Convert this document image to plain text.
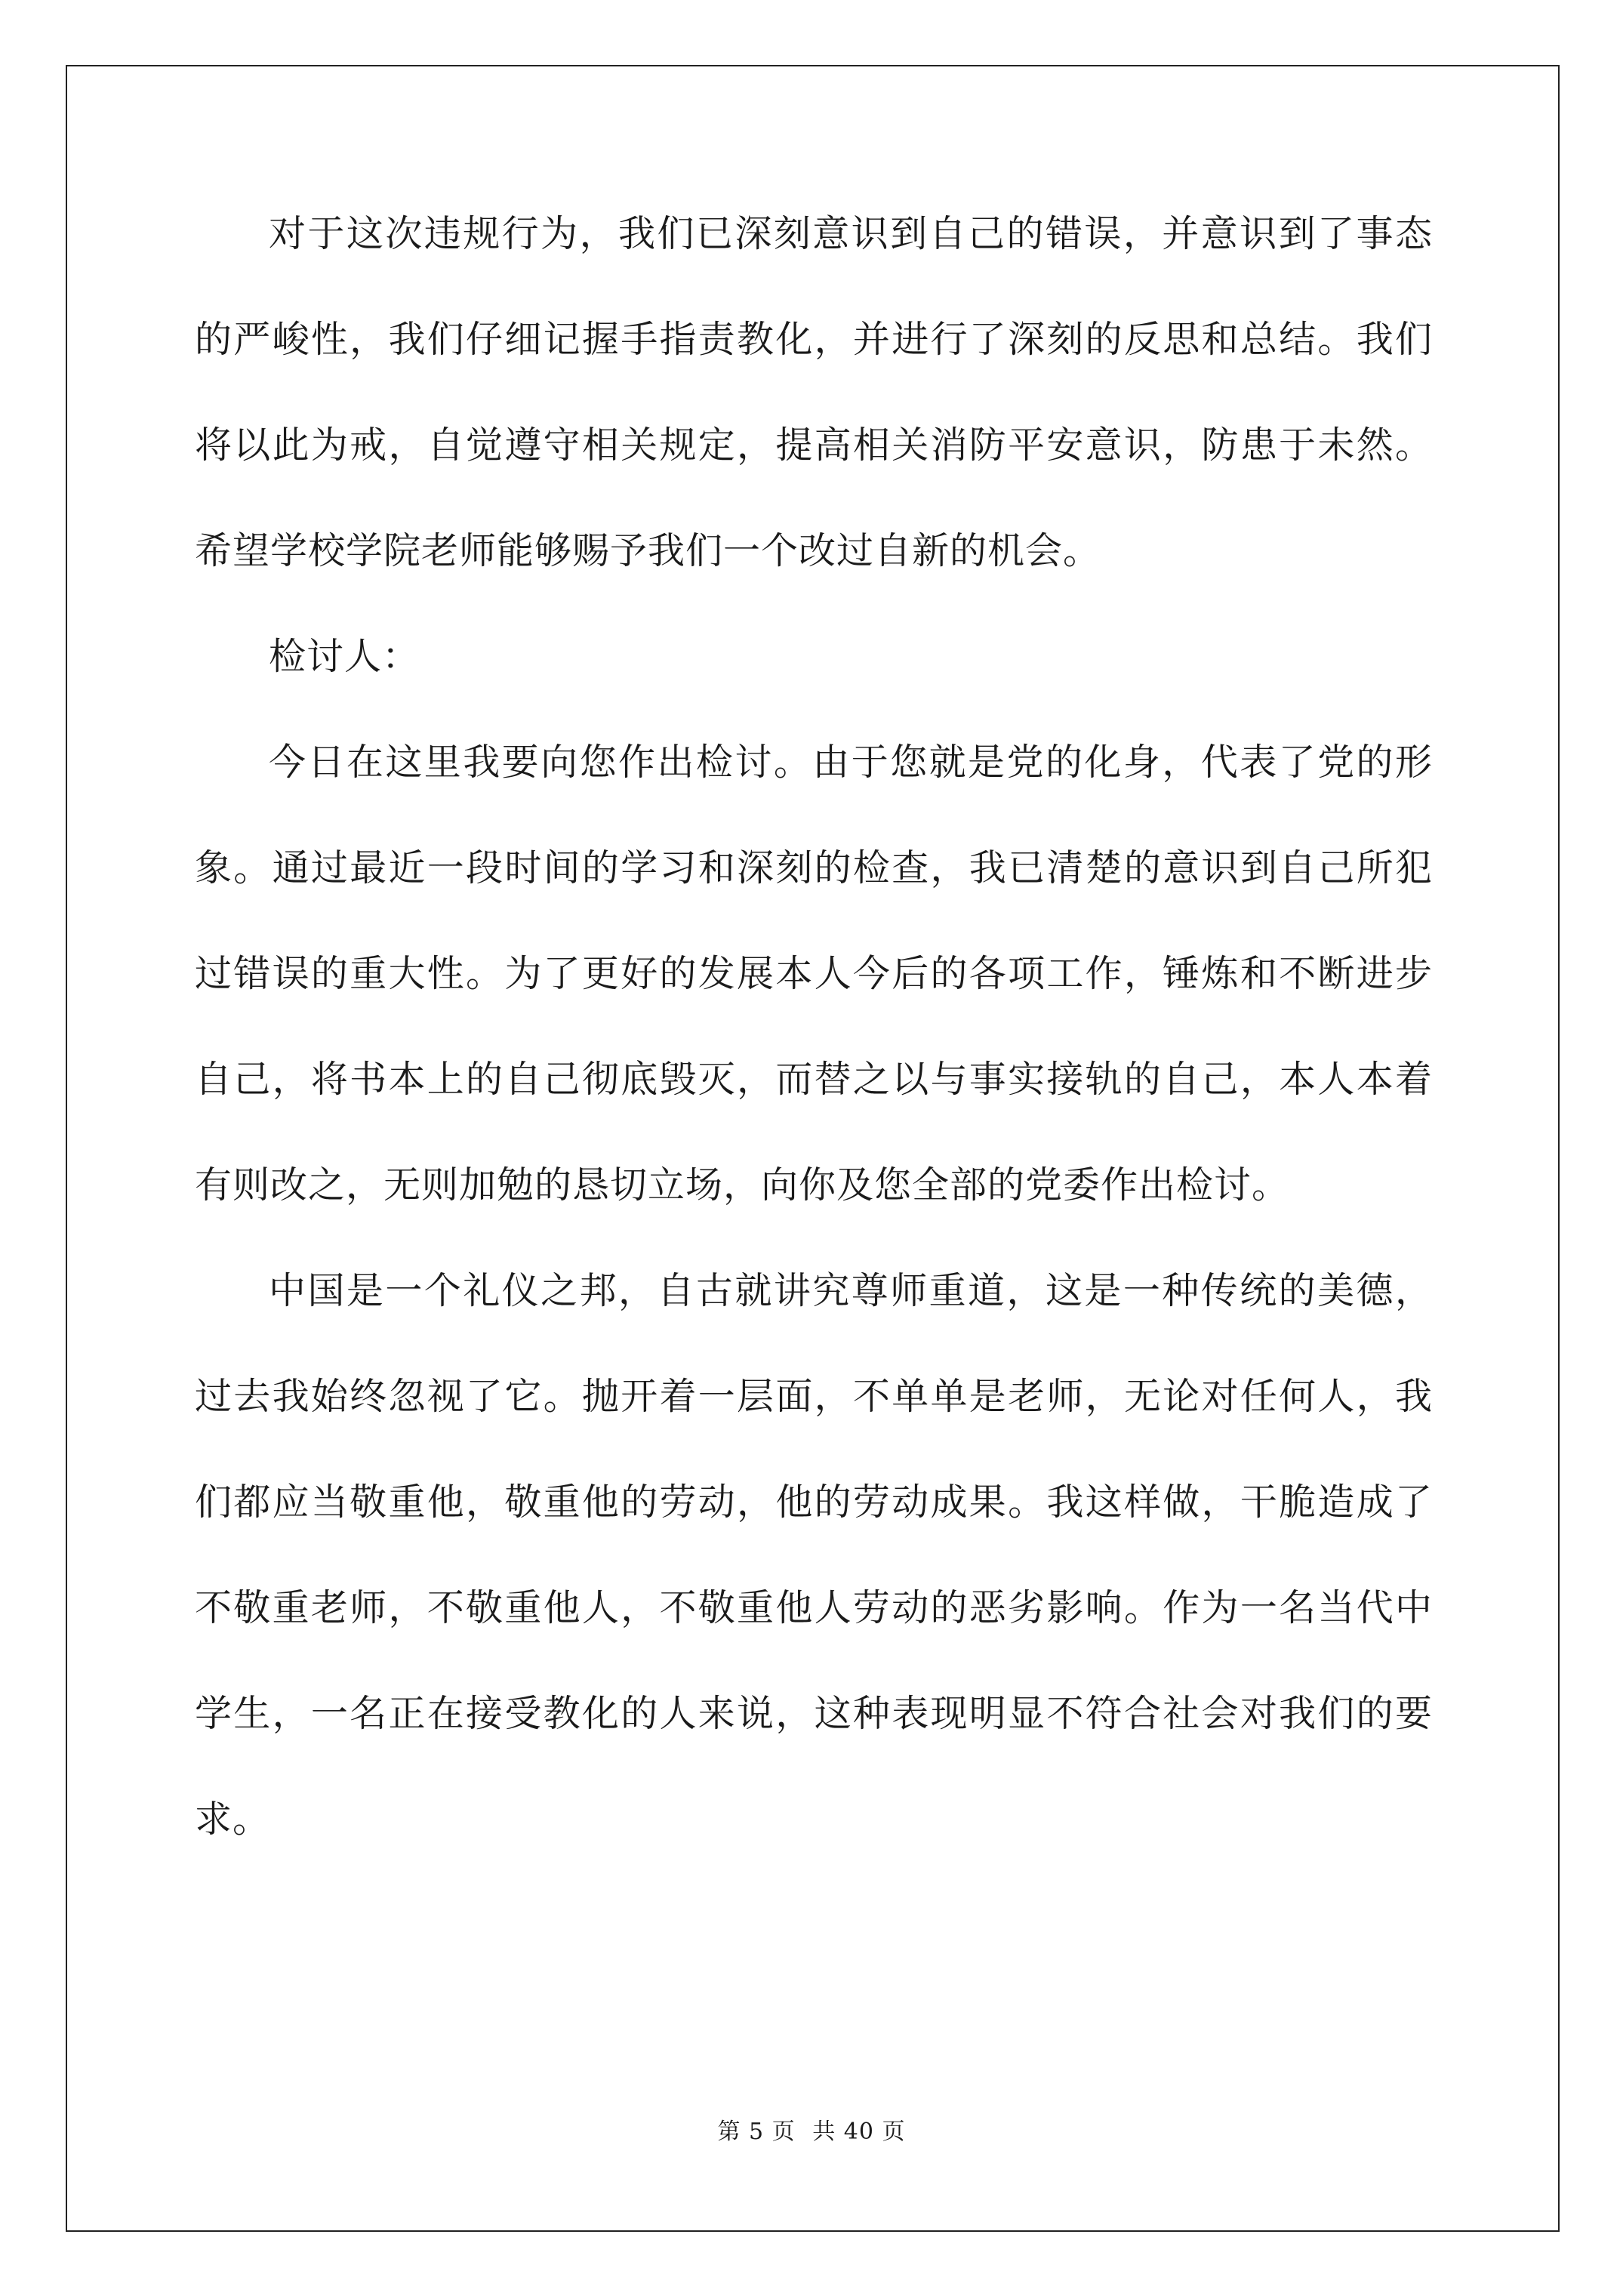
对于这次违规行为，我们已深刻意识到自己的错误，并意识到了事态的严峻性，我们仔细记握手指责教化，并进行了深刻的反思和总结。我们将以此为戒，自觉遵守相关规定，提高相关消防平安意识，防患于未然。希望学校学院老师能够赐予我们一个改过自新的机会。

检讨人：

今日在这里我要向您作出检讨。由于您就是党的化身，代表了党的形象。通过最近一段时间的学习和深刻的检查，我已清楚的意识到自己所犯过错误的重大性。为了更好的发展本人今后的各项工作，锤炼和不断进步自己，将书本上的自己彻底毁灭，而替之以与事实接轨的自己，本人本着有则改之，无则加勉的恳切立场，向你及您全部的党委作出检讨。

中国是一个礼仪之邦，自古就讲究尊师重道，这是一种传统的美德，过去我始终忽视了它。抛开着一层面，不单单是老师，无论对任何人，我们都应当敬重他，敬重他的劳动，他的劳动成果。我这样做，干脆造成了不敬重老师，不敬重他人，不敬重他人劳动的恶劣影响。作为一名当代中学生，一名正在接受教化的人来说，这种表现明显不符合社会对我们的要求。

第 5 页 共 40 页
